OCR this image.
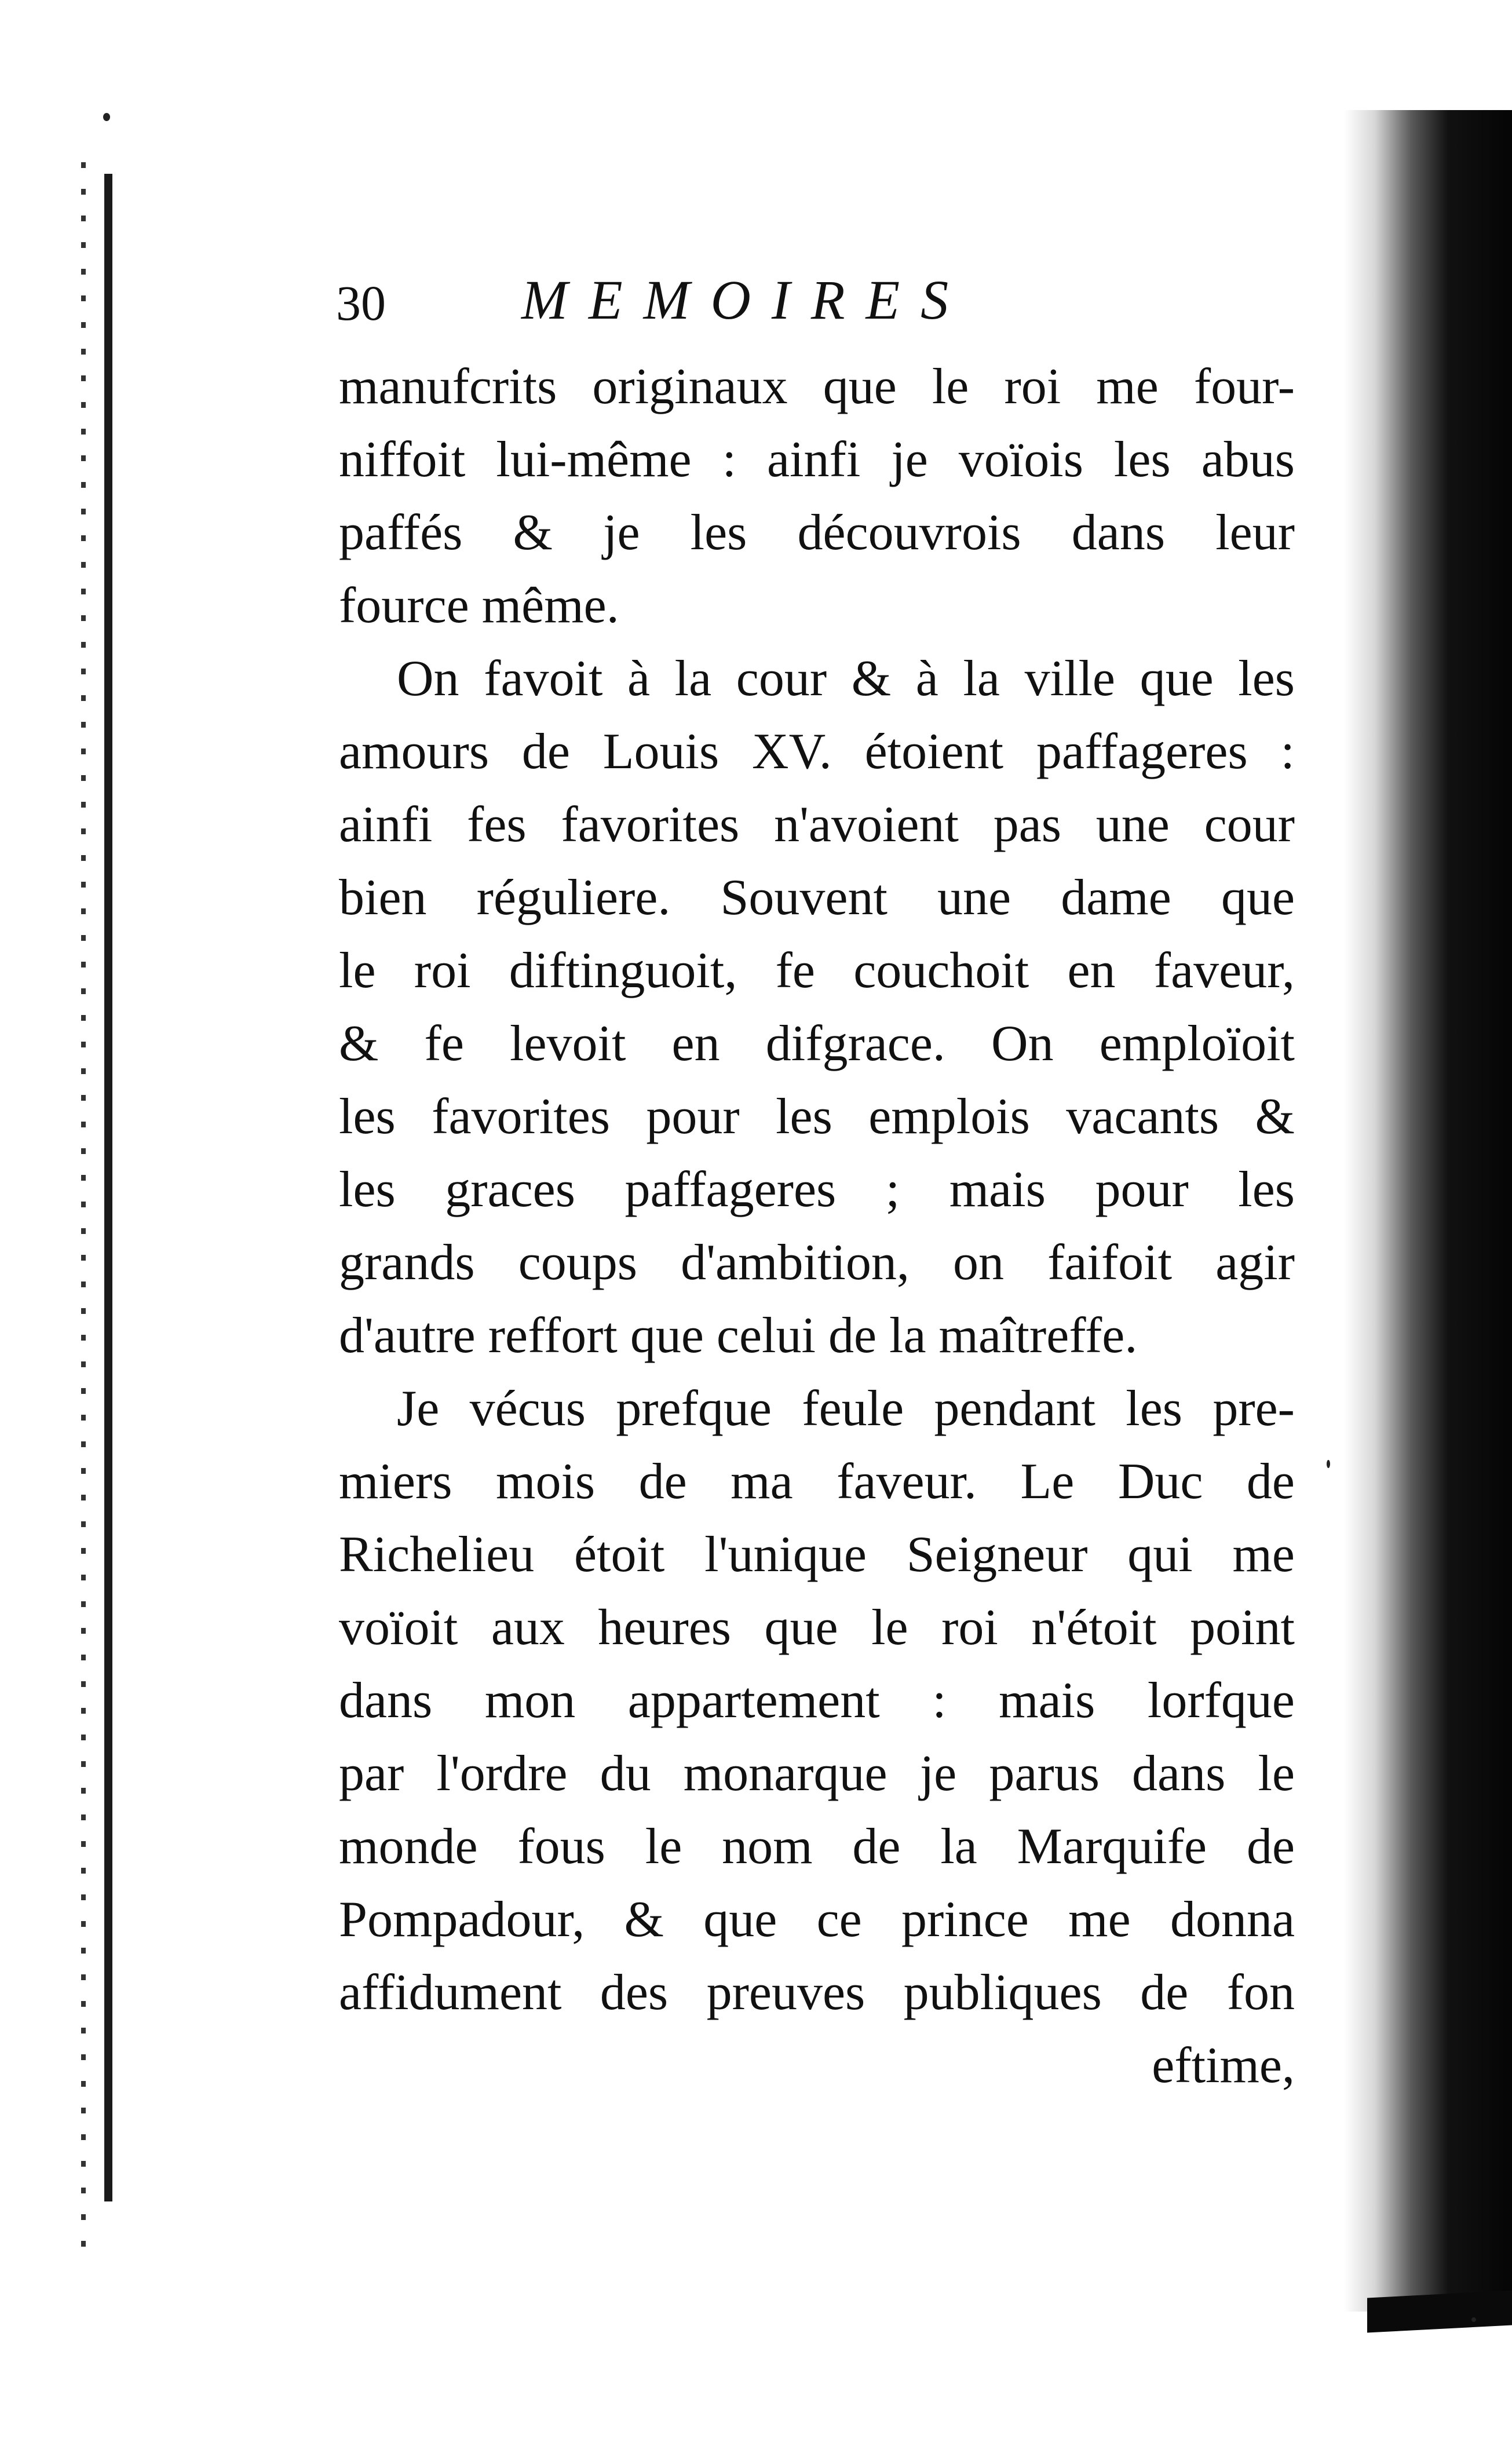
30 MEMOIRES
manufcrits originaux que le roi me four-
niffoit lui-même : ainfi je voïois les abus
paffés & je les découvrois dans leur
fource même.
On favoit à la cour & à la ville que les
amours de Louis XV. étoient paffageres :
ainfi fes favorites n'avoient pas une cour
bien réguliere. Souvent une dame que
le roi diftinguoit, fe couchoit en faveur,
& fe levoit en difgrace. On emploïoit
les favorites pour les emplois vacants &
les graces paffageres ; mais pour les
grands coups d'ambition, on faifoit agir
d'autre reffort que celui de la maîtreffe.
Je vécus prefque feule pendant les pre-
miers mois de ma faveur. Le Duc de
Richelieu étoit l'unique Seigneur qui me
voïoit aux heures que le roi n'étoit point
dans mon appartement : mais lorfque
par l'ordre du monarque je parus dans le
monde fous le nom de la Marquife de
Pompadour, & que ce prince me donna
affidument des preuves publiques de fon
eftime,
